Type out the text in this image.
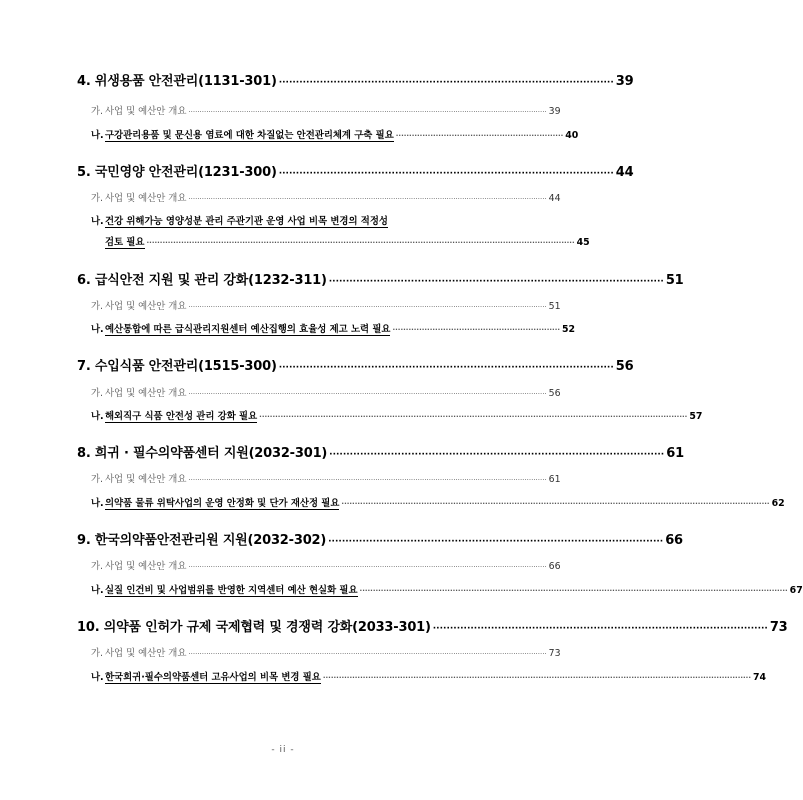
4. 위생용품 안전관리(1131-301) ·································································································· 39
가. 사업 및 예산안 개요 ································································································································································· 39
나.구강관리용품 및 문신용 염료에 대한 차질없는 안전관리체계 구축 필요 ······························································· 40
5. 국민영양 안전관리(1231-300) ·································································································· 44
가. 사업 및 예산안 개요 ································································································································································· 44
나.건강 위해가능 영양성분 관리 주관기관 운영 사업 비목 변경의 적정성
검토 필요 ································································································································································· 45
6. 급식안전 지원 및 관리 강화(1232-311) ·································································································· 51
가. 사업 및 예산안 개요 ································································································································································· 51
나.예산통합에 따른 급식관리지원센터 예산집행의 효율성 제고 노력 필요 ······························································· 52
7. 수입식품 안전관리(1515-300) ·································································································· 56
가. 사업 및 예산안 개요 ································································································································································· 56
나.해외직구 식품 안전성 관리 강화 필요 ································································································································································· 57
8. 희귀 · 필수의약품센터 지원(2032-301) ·································································································· 61
가. 사업 및 예산안 개요 ································································································································································· 61
나.의약품 물류 위탁사업의 운영 안정화 및 단가 재산정 필요 ································································································································································· 62
9. 한국의약품안전관리원 지원(2032-302) ·································································································· 66
가. 사업 및 예산안 개요 ································································································································································· 66
나.실질 인건비 및 사업범위를 반영한 지역센터 예산 현실화 필요 ································································································································································· 67
10. 의약품 인허가 규제 국제협력 및 경쟁력 강화(2033-301) ·································································································· 73
가. 사업 및 예산안 개요 ································································································································································· 73
나.한국희귀·필수의약품센터 고유사업의 비목 변경 필요 ································································································································································· 74
- ii -
